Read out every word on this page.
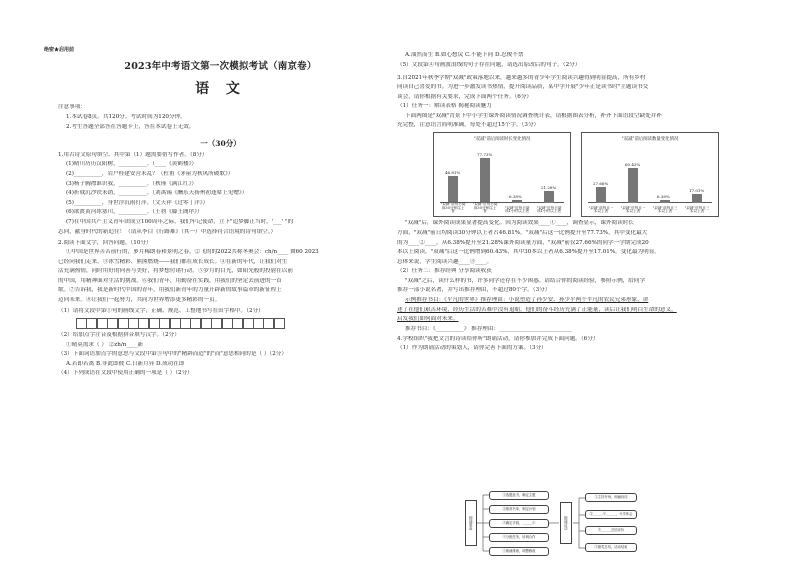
绝密★启用前
2023年中考语文第一次模拟考试（南京卷）
语 文
注意事项：
1.本试卷8页。共120分。考试时间为120分钟。
2.考生答题全部答在答题卡上，答在本试卷上无效。
一（30分）
1.用古诗文原句填空。其中第（1）题需要借写作者。（8分）
(1)晴川历历汉阳树，__________。（____《黄鹤楼》）
(2)__________，岩户桂建安营未乱？（杜甫《茅屋为秋风所破歌》）
(3)杨子胸襟谁识我，__________。（秋瑾《满江红》）
(4)折戟沉沙铁未销，__________。（刘禹锡《酬乐天扬州初逢席上见赠》）
(5)__________，身世浮沉雨打萍。（文天祥《过零丁洋》）
(6)欲渡黄河冰塞川，__________。（王勃《滕王阁序》）
(7)在中国共产主义青年团成立100周年之际，我们牢记使命，立下"追梦脚正当时，'___' "的
志向，献身时代的新追往！（请从李白《行路难》（其一）中选择符合语境的诗句填空。）
2.阅读下面文字，回答问题。（10分）
①中国是世界苦苦前行的，萝月稀朗春和景明之春，②飞的的2022共称冬奥会：ch/n____ 舞60 2023
已经向我们走来。③冰雪精彩、熊熊燃烧——我们都在成长成长。④在新的年代，让我们对生
活充满热情，同时用好的向善与美好，将梦想付诸行动。⑤岁月的目光，如阳光般的投射在以前
的中国，用精神面对生活的挑战。⑥我们青年，用勤奋在实践，用我们的坚定去前进的一首
歌。⑦告诉我，我是新时代中国的青年，用我们新青年的力量开辟新的故事篇章的新征程上
迈向未来。⑧让我们一起努力，共同为世界增添更多精彩的一页。
（1）请将文段中第①句的画线文字，正确、规范、工整地书写在田字格中。（2分）
（2）给加点字注音及根据拼音填写汉字。（2分）
①晴莫需求（ ） ②zh/n____新
（3）下面词语加点字的意思与文段中第③句中的"精辟而造"的"而"意思相同的是（ ）（2分）
A.若即若离 B.非此即彼 C.日新月异 D.成功在即
（4）下列成语在文段中使用正确的一项是（ ）（2分）
A.油然而生 B.如心想戾 C.不能下同 D.忍俊不禁
（5）文段第④句画波浪线的句子存在问题，请选出原改后的句子。（2分）
3.自2021年秋季学期"双减"政策落地以来，越来越多的青少年学生阅读兴趣得到明显提高，所有乡村
同读自己喜爱的书。为进一步激发读书热情，提升阅读品质，某中学开展"少年正是读书时"主题读书交
谈会，请你根据有关要求，完成下面两个任务。（6分）
（1）任务一：解读表格 揭秘阅读魅力
下面两图是"双减"背景下中小学生课外阅读情况调查统计表，请根据图表分析，补齐下面语段空缺处并补
充完整，注意语言简明准确，每处不超过15个字。（3分）
"双减"前后阅读时长变化情况
46.81%
"双减"前每日阅读30分钟以上者
77.73%
"双减"后每日阅读30分钟以上者
6.38%
"双减"后每日阅读1小时以上者
21.28%
"双减"后每日阅读1小时以上者
"双减"前后阅读数量变化情况
27.66%
"双减"前每月一本以上者
60.43%
"双减"后每月一本以上者
6.38%
"双减"前每月三本以上者
17.01%
"双减"后每月三本以上者
"双减"后，课外阅读成果显著提高变化。因为阅读效果____①____，调查显示，课外阅读时长
方面，"双减"前日均阅读30分钟以上者占46.81%，"双减"后这一比例提升至77.73%，其中变化最大
的为____②____，从6.38%提升至21.28%课外阅读量方面，"双减"前仅27.66%的同学一学期完成20
本以上阅读，"双减"后这一比例增到60.43%，其中30本以上者从6.38%提升至17.01%。变化最为明显。
总体来说，学生阅读兴趣____③____。
（2）任务二：推荐经典 分享阅读收获
"双减"之后，读什么样的书，许多同学还存在不少困惑。请结合你的阅读经验，参照示例，给同学
推荐一部小说名著，并写出推荐理由，不超过80个字。（3分）
示例推荐书目：《平凡的世界》推荐理由：小说塑造了孙少安、孙少平两个平凡的农民兄弟形象。讲
述了在他们艰苦环境、经历生活的苦难中没有退缩，他们的奋斗经历充满了正能量，读后让我们明白生命的意义，
启发我们如何面对未来。
推荐书目：《__________》 推荐理由：__________________________
4.学校组织"我把文言的诗读给你听"朗诵活动，请你参加并完成下面问题。（6分）
（1）作为朗诵活动的策划人，请你完善下面的方案。（3分）
朗诵准备
①选题选书，确定主题
②推荐书单，制定计划
③确定手段、______④
④分配任务，协调合作
⑤朗诵排练，调整修改
朗诵活动
①主持开场，朗诵诗词
②______④______，分享体会
③______总结评价
④颁奖总结，活动结束
